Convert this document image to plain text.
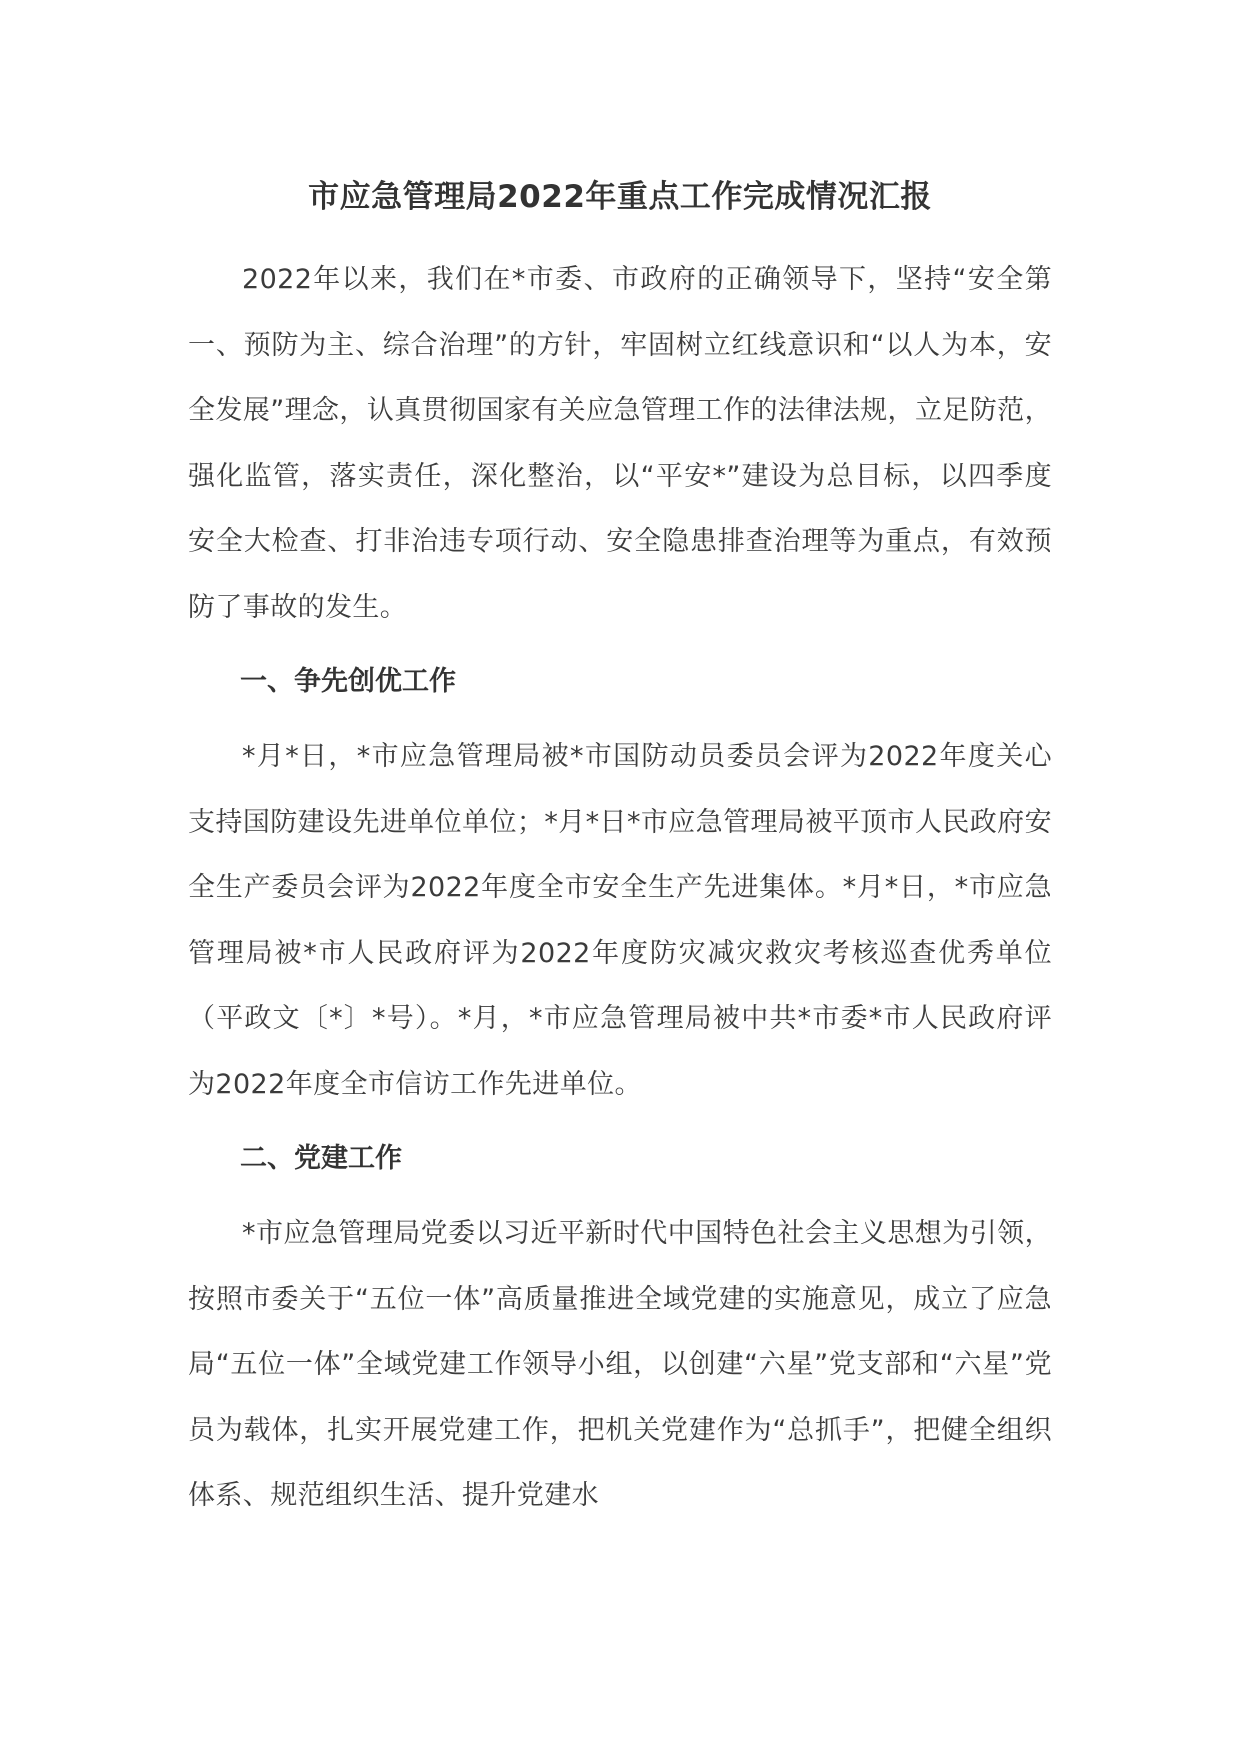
市应急管理局2022年重点工作完成情况汇报

2022年以来，我们在*市委、市政府的正确领导下，坚持“安全第一、预防为主、综合治理”的方针，牢固树立红线意识和“以人为本，安全发展”理念，认真贯彻国家有关应急管理工作的法律法规，立足防范，强化监管，落实责任，深化整治，以“平安*”建设为总目标，以四季度安全大检查、打非治违专项行动、安全隐患排查治理等为重点，有效预防了事故的发生。

一、争先创优工作

*月*日，*市应急管理局被*市国防动员委员会评为2022年度关心支持国防建设先进单位单位；*月*日*市应急管理局被平顶市人民政府安全生产委员会评为2022年度全市安全生产先进集体。*月*日，*市应急管理局被*市人民政府评为2022年度防灾减灾救灾考核巡查优秀单位（平政文〔*〕*号）。*月，*市应急管理局被中共*市委*市人民政府评为2022年度全市信访工作先进单位。

二、党建工作

*市应急管理局党委以习近平新时代中国特色社会主义思想为引领，按照市委关于“五位一体”高质量推进全域党建的实施意见，成立了应急局“五位一体”全域党建工作领导小组，以创建“六星”党支部和“六星”党员为载体，扎实开展党建工作，把机关党建作为“总抓手”，把健全组织体系、规范组织生活、提升党建水
